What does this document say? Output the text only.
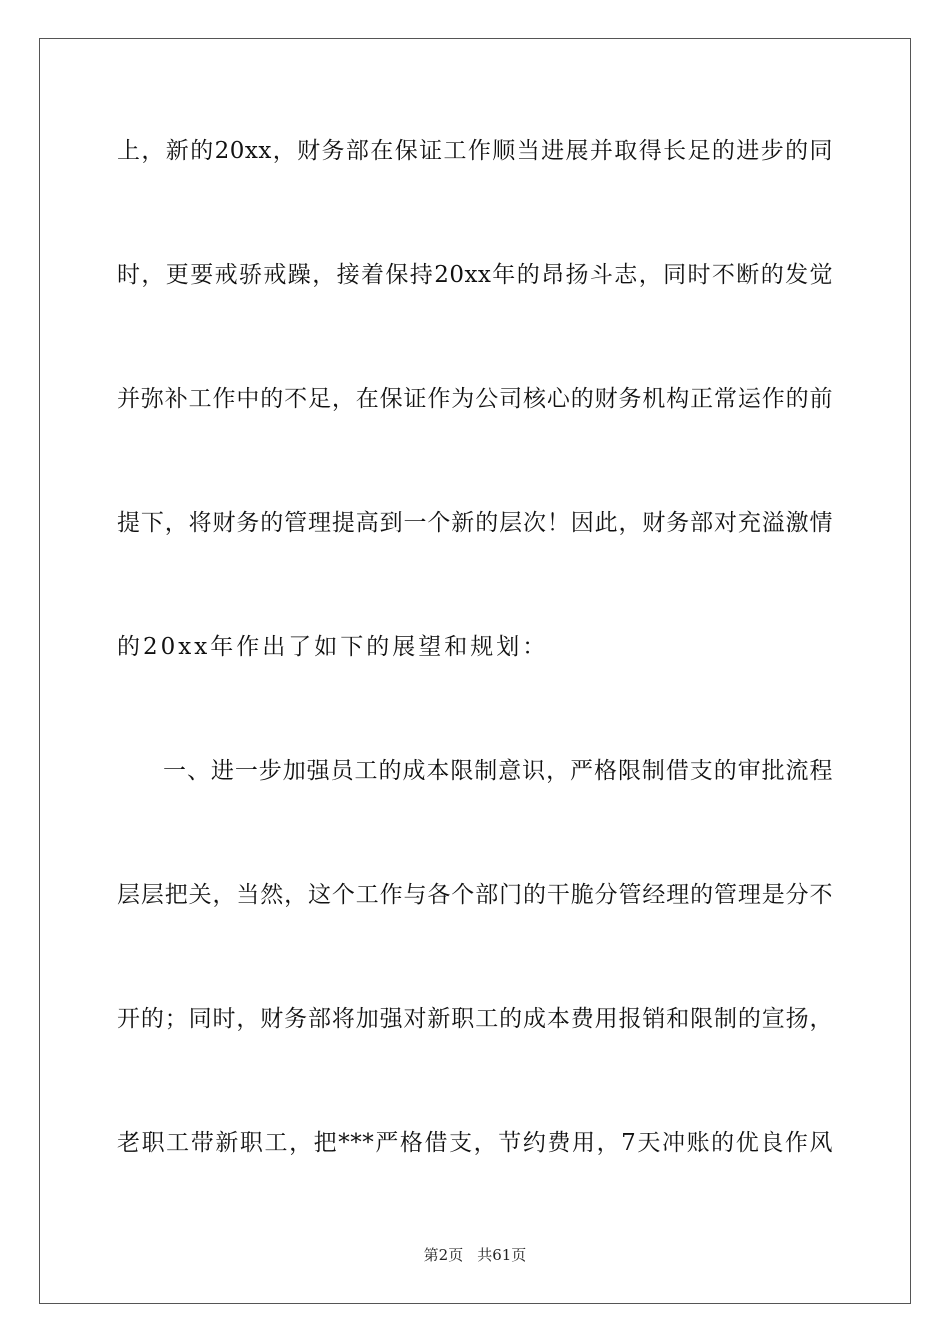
上，新的20xx，财务部在保证工作顺当进展并取得长足的进步的同
时，更要戒骄戒躁，接着保持20xx年的昂扬斗志，同时不断的发觉
并弥补工作中的不足，在保证作为公司核心的财务机构正常运作的前
提下，将财务的管理提高到一个新的层次！因此，财务部对充溢激情
的20xx年作出了如下的展望和规划：
一、进一步加强员工的成本限制意识，严格限制借支的审批流程
层层把关，当然，这个工作与各个部门的干脆分管经理的管理是分不
开的；同时，财务部将加强对新职工的成本费用报销和限制的宣扬，
老职工带新职工，把***严格借支，节约费用，7天冲账的优良作风
第2页 共61页
